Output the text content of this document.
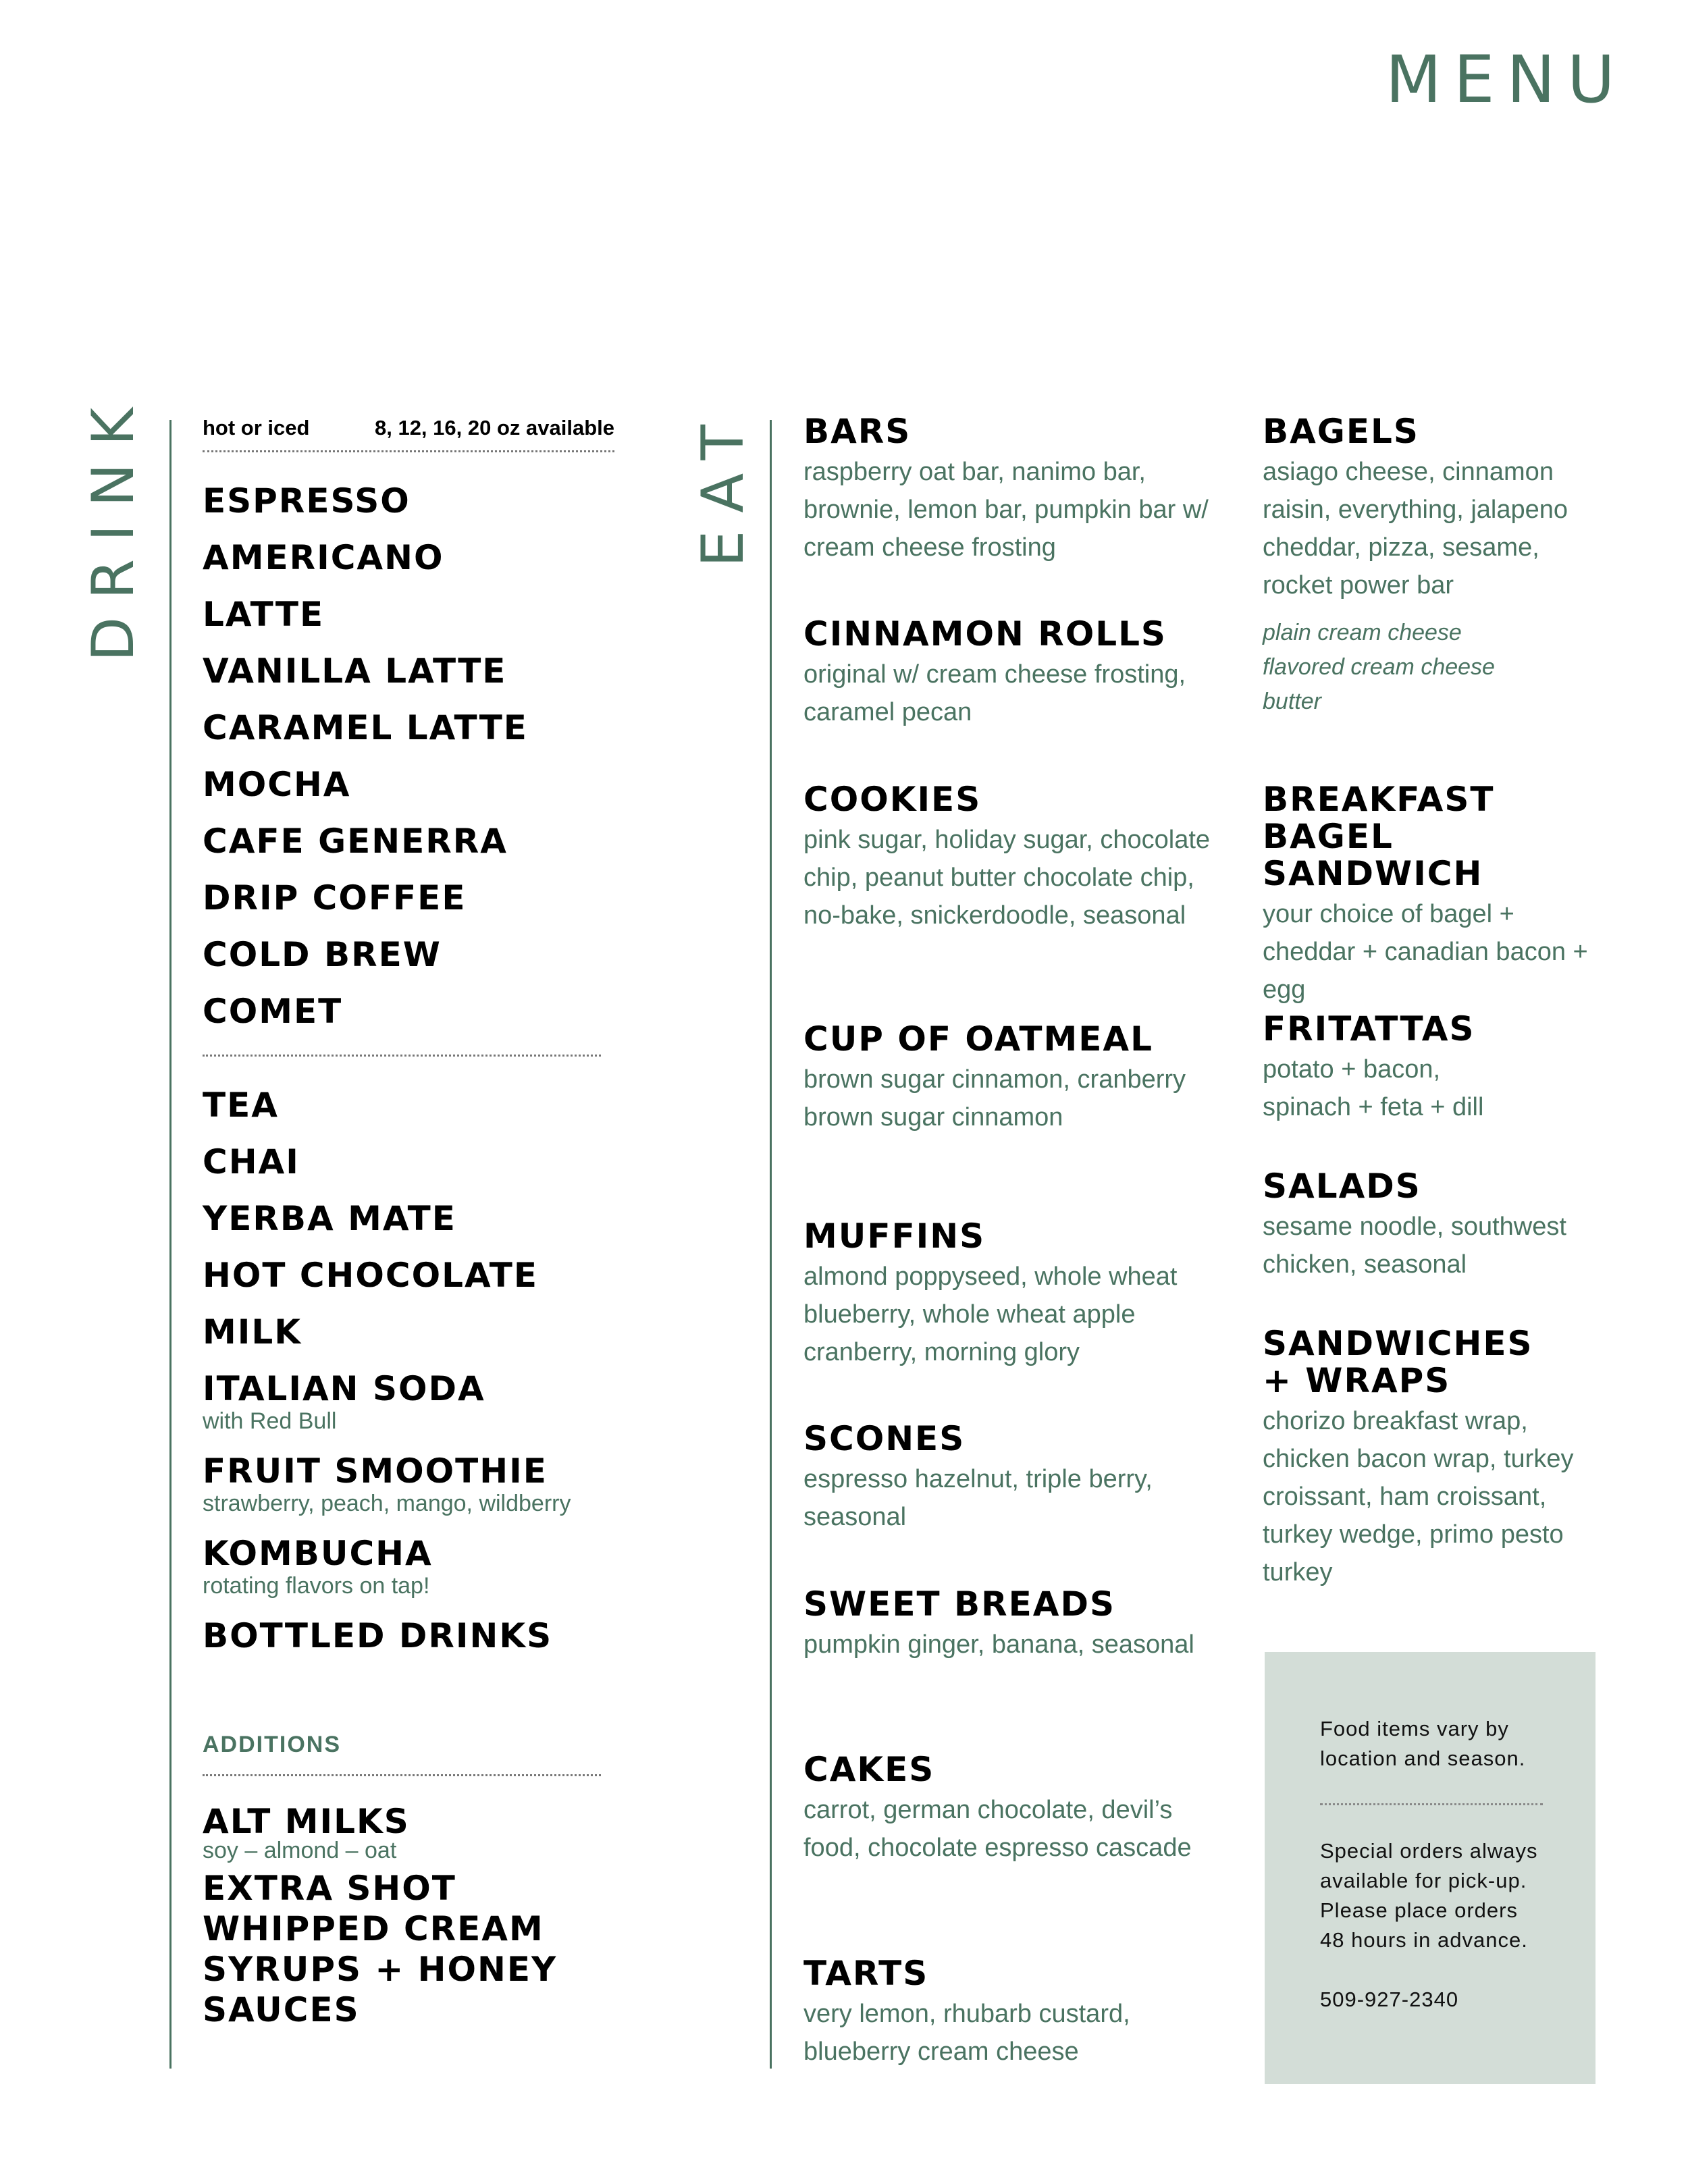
MENU
DRINK	EAT
hot or iced	8, 12, 16, 20 oz available
ESPRESSO
AMERICANO
LATTE
VANILLA LATTE
CARAMEL LATTE
MOCHA
CAFE GENERRA
DRIP COFFEE
COLD BREW
COMET
TEA
CHAI
YERBA MATE
HOT CHOCOLATE
MILK
ITALIAN SODA
with Red Bull
FRUIT SMOOTHIE
strawberry, peach, mango, wildberry
KOMBUCHA
rotating flavors on tap!
BOTTLED DRINKS
ADDITIONS
ALT MILKS
soy – almond – oat
EXTRA SHOT
WHIPPED CREAM
SYRUPS + HONEY
SAUCES
BARS
raspberry oat bar, nanimo bar, brownie, lemon bar, pumpkin bar w/ cream cheese frosting
CINNAMON ROLLS
original w/ cream cheese frosting, caramel pecan
COOKIES
pink sugar, holiday sugar, chocolate chip, peanut butter chocolate chip, no-bake, snickerdoodle, seasonal
CUP OF OATMEAL
brown sugar cinnamon, cranberry brown sugar cinnamon
MUFFINS
almond poppyseed, whole wheat blueberry, whole wheat apple cranberry, morning glory
SCONES
espresso hazelnut, triple berry, seasonal
SWEET BREADS
pumpkin ginger, banana, seasonal
CAKES
carrot, german chocolate, devil’s food, chocolate espresso cascade
TARTS
very lemon, rhubarb custard, blueberry cream cheese
BAGELS
asiago cheese, cinnamon raisin, everything, jalapeno cheddar, pizza, sesame, rocket power bar
plain cream cheese
flavored cream cheese
butter
BREAKFAST BAGEL SANDWICH
your choice of bagel + cheddar + canadian bacon + egg
FRITATTAS
potato + bacon, spinach + feta + dill
SALADS
sesame noodle, southwest chicken, seasonal
SANDWICHES + WRAPS
chorizo breakfast wrap, chicken bacon wrap, turkey croissant, ham croissant, turkey wedge, primo pesto turkey

Food items vary by location and season.

Special orders always available for pick-up. Please place orders 48 hours in advance.

509-927-2340
